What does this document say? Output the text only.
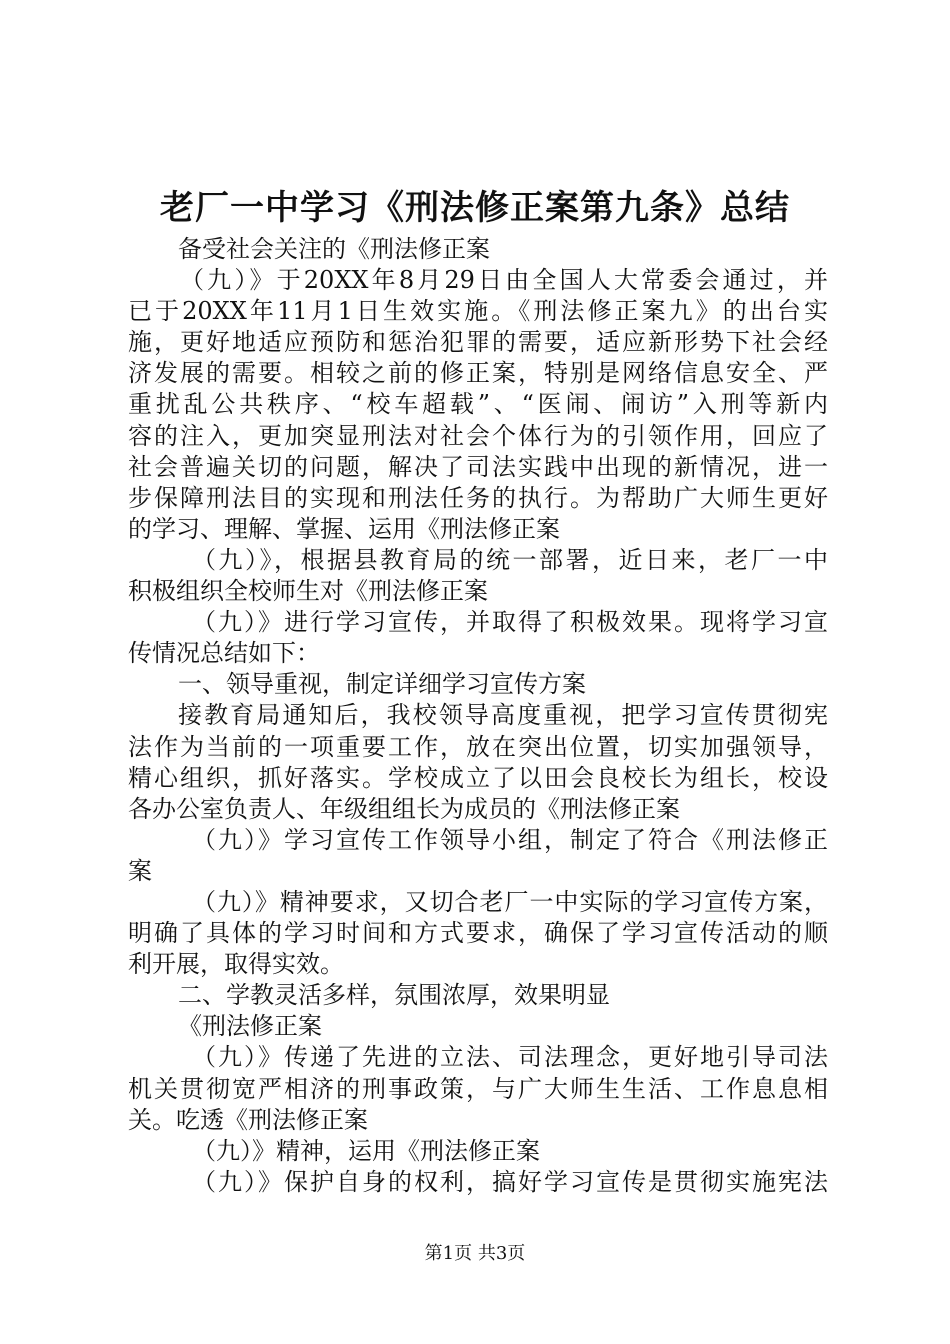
老厂一中学习《刑法修正案第九条》总结
备受社会关注的《刑法修正案
（九）》于20XX年8月29日由全国人大常委会通过，并
已于20XX年11月1日生效实施。《刑法修正案九》的出台实
施，更好地适应预防和惩治犯罪的需要，适应新形势下社会经
济发展的需要。相较之前的修正案，特别是网络信息安全、严
重扰乱公共秩序、“校车超载”、“医闹、闹访”入刑等新内
容的注入，更加突显刑法对社会个体行为的引领作用，回应了
社会普遍关切的问题，解决了司法实践中出现的新情况，进一
步保障刑法目的实现和刑法任务的执行。为帮助广大师生更好
的学习、理解、掌握、运用《刑法修正案
（九）》，根据县教育局的统一部署，近日来，老厂一中
积极组织全校师生对《刑法修正案
（九）》进行学习宣传，并取得了积极效果。现将学习宣
传情况总结如下：
一、领导重视，制定详细学习宣传方案
接教育局通知后，我校领导高度重视，把学习宣传贯彻宪
法作为当前的一项重要工作，放在突出位置，切实加强领导，
精心组织，抓好落实。学校成立了以田会良校长为组长，校设
各办公室负责人、年级组组长为成员的《刑法修正案
（九）》学习宣传工作领导小组，制定了符合《刑法修正
案
（九）》精神要求，又切合老厂一中实际的学习宣传方案，
明确了具体的学习时间和方式要求，确保了学习宣传活动的顺
利开展，取得实效。
二、学教灵活多样，氛围浓厚，效果明显
《刑法修正案
（九）》传递了先进的立法、司法理念，更好地引导司法
机关贯彻宽严相济的刑事政策，与广大师生生活、工作息息相
关。吃透《刑法修正案
（九）》精神，运用《刑法修正案
（九）》保护自身的权利，搞好学习宣传是贯彻实施宪法
第1页 共3页
